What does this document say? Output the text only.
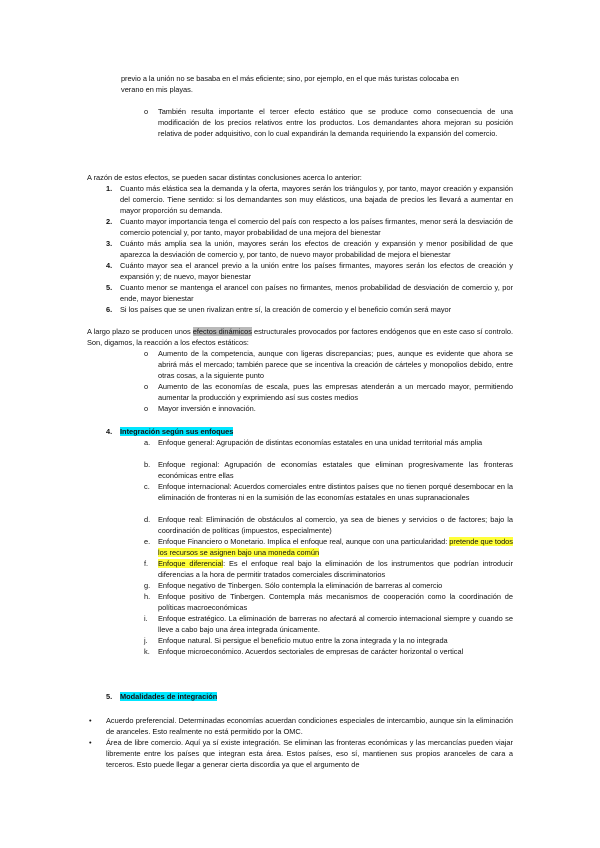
previo a la unión no se basaba en el más eficiente; sino, por ejemplo, en el que más turistas colocaba en
verano en mis playas.
o También resulta importante el tercer efecto estático que se produce como consecuencia de una modificación de los precios relativos entre los productos. Los demandantes ahora mejoran su posición relativa de poder adquisitivo, con lo cual expandirán la demanda requiriendo la expansión del comercio.
A razón de estos efectos, se pueden sacar distintas conclusiones acerca lo anterior:
1. Cuanto más elástica sea la demanda y la oferta, mayores serán los triángulos y, por tanto, mayor creación y expansión del comercio. Tiene sentido: si los demandantes son muy elásticos, una bajada de precios les llevará a aumentar en mayor proporción su demanda.
2. Cuanto mayor importancia tenga el comercio del país con respecto a los países firmantes, menor será la desviación de comercio potencial y, por tanto, mayor probabilidad de una mejora del bienestar
3. Cuánto más amplia sea la unión, mayores serán los efectos de creación y expansión y menor posibilidad de que aparezca la desviación de comercio y, por tanto, de nuevo mayor probabilidad de mejora el bienestar
4. Cuánto mayor sea el arancel previo a la unión entre los países firmantes, mayores serán los efectos de creación y expansión y; de nuevo, mayor bienestar
5. Cuanto menor se mantenga el arancel con países no firmantes, menos probabilidad de desviación de comercio y, por ende, mayor bienestar
6. Si los países que se unen rivalizan entre sí, la creación de comercio y el beneficio común será mayor
A largo plazo se producen unos efectos dinámicos estructurales provocados por factores endógenos que en este caso sí controlo. Son, digamos, la reacción a los efectos estáticos:
o Aumento de la competencia, aunque con ligeras discrepancias; pues, aunque es evidente que ahora se abrirá más el mercado; también parece que se incentiva la creación de cárteles y monopolios debido, entre otras cosas, a la siguiente punto
o Aumento de las economías de escala, pues las empresas atenderán a un mercado mayor, permitiendo aumentar la producción y exprimiendo así sus costes medios
o Mayor inversión e innovación.
4. Integración según sus enfoques
a. Enfoque general: Agrupación de distintas economías estatales en una unidad territorial más amplia
b. Enfoque regional: Agrupación de economías estatales que eliminan progresivamente las fronteras económicas entre ellas
c. Enfoque internacional: Acuerdos comerciales entre distintos países que no tienen porqué desembocar en la eliminación de fronteras ni en la sumisión de las economías estatales en unas supranacionales
d. Enfoque real: Eliminación de obstáculos al comercio, ya sea de bienes y servicios o de factores; bajo la coordinación de políticas (impuestos, especialmente)
e. Enfoque Financiero o Monetario. Implica el enfoque real, aunque con una particularidad: pretende que todos los recursos se asignen bajo una moneda común
f. Enfoque diferencial: Es el enfoque real bajo la eliminación de los instrumentos que podrían introducir diferencias a la hora de permitir tratados comerciales discriminatorios
g. Enfoque negativo de Tinbergen. Sólo contempla la eliminación de barreras al comercio
h. Enfoque positivo de Tinbergen. Contempla más mecanismos de cooperación como la coordinación de políticas macroeconómicas
i. Enfoque estratégico. La eliminación de barreras no afectará al comercio internacional siempre y cuando se lleve a cabo bajo una área integrada únicamente.
j. Enfoque natural. Si persigue el beneficio mutuo entre la zona integrada y la no integrada
k. Enfoque microeconómico. Acuerdos sectoriales de empresas de carácter horizontal o vertical
5. Modalidades de integración
• Acuerdo preferencial. Determinadas economías acuerdan condiciones especiales de intercambio, aunque sin la eliminación de aranceles. Esto realmente no está permitido por la OMC.
• Área de libre comercio. Aquí ya sí existe integración. Se eliminan las fronteras económicas y las mercancías pueden viajar libremente entre los países que integran esta área. Estos países, eso sí, mantienen sus propios aranceles de cara a terceros. Esto puede llegar a generar cierta discordia ya que el argumento de
